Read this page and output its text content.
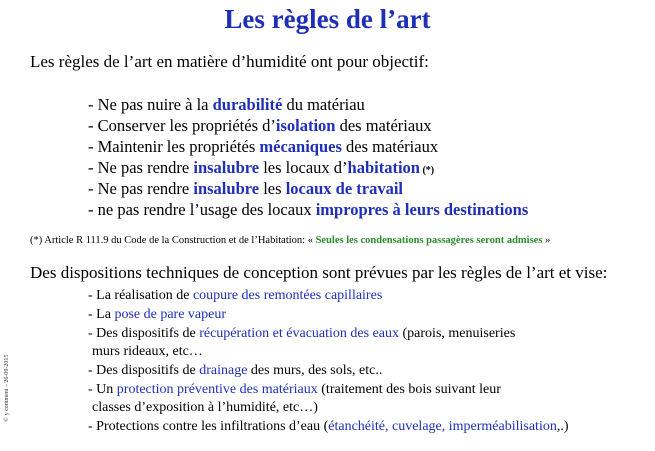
Les règles de l’art
Les règles de l’art en matière d’humidité ont pour objectif:
- Ne pas nuire à la durabilité du matériau
- Conserver les propriétés d’isolation des matériaux
- Maintenir les propriétés mécaniques des matériaux
- Ne pas rendre insalubre les locaux d’habitation (*)
- Ne pas rendre insalubre les locaux de travail
- ne pas rendre l’usage des locaux impropres à leurs destinations
(*) Article R 111.9 du Code de la Construction et de l’Habitation: « Seules les condensations passagères seront admises »
Des dispositions techniques de conception sont prévues par les règles de l’art et vise:
- La réalisation de coupure des remontées capillaires
- La pose de pare vapeur
- Des dispositifs de récupération et évacuation des eaux (parois, menuiseries
murs rideaux, etc…
- Des dispositifs de drainage des murs, des sols, etc..
- Un protection préventive des matériaux (traitement des bois suivant leur
classes d’exposition à l’humidité, etc…)
- Protections contre les infiltrations d’eau (étanchéité, cuvelage, imperméabilisation,.)
© y comment – 26-09-2015
